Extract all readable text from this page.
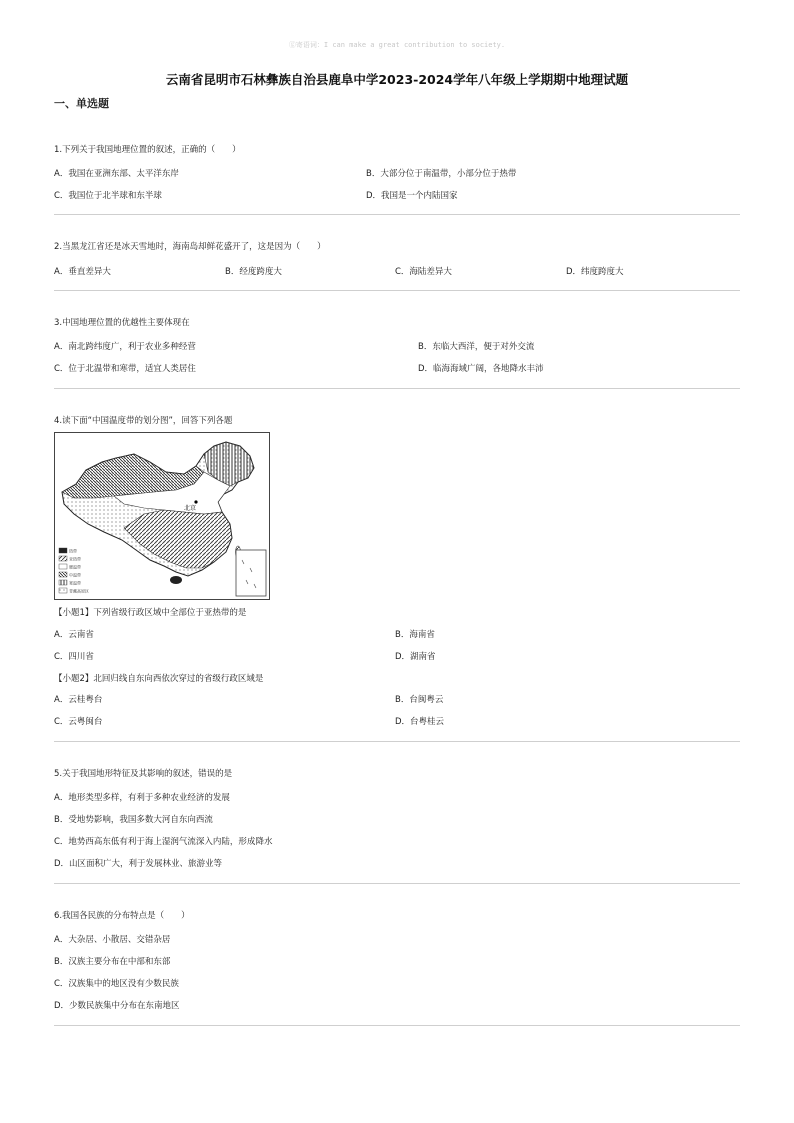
ⓖ寄语词：I can make a great contribution to society.
云南省昆明市石林彝族自治县鹿阜中学2023-2024学年八年级上学期期中地理试题
一、单选题
1.下列关于我国地理位置的叙述，正确的（　　）
A．我国在亚洲东部、太平洋东岸	B．大部分位于南温带，小部分位于热带
C．我国位于北半球和东半球	D．我国是一个内陆国家
2.当黑龙江省还是冰天雪地时，海南岛却鲜花盛开了，这是因为（　　）
A．垂直差异大	B．经度跨度大	C．海陆差异大	D．纬度跨度大
3.中国地理位置的优越性主要体现在
A．南北跨纬度广，利于农业多种经营	B．东临大西洋，便于对外交流
C．位于北温带和寒带，适宜人类居住	D．临海海域广阔，各地降水丰沛
4.读下面“中国温度带的划分图”，回答下列各题
北京
热带
亚热带
暖温带
中温带
寒温带
青藏高原区
【小题1】下列省级行政区域中全部位于亚热带的是
A．云南省	B．海南省
C．四川省	D．湖南省
【小题2】北回归线自东向西依次穿过的省级行政区域是
A．云桂粤台	B．台闽粤云
C．云粤闽台	D．台粤桂云
5.关于我国地形特征及其影响的叙述，错误的是
A．地形类型多样，有利于多种农业经济的发展
B．受地势影响，我国多数大河自东向西流
C．地势西高东低有利于海上湿润气流深入内陆，形成降水
D．山区面积广大，利于发展林业、旅游业等
6.我国各民族的分布特点是（　　）
A．大杂居、小散居、交错杂居
B．汉族主要分布在中部和东部
C．汉族集中的地区没有少数民族
D．少数民族集中分布在东南地区
